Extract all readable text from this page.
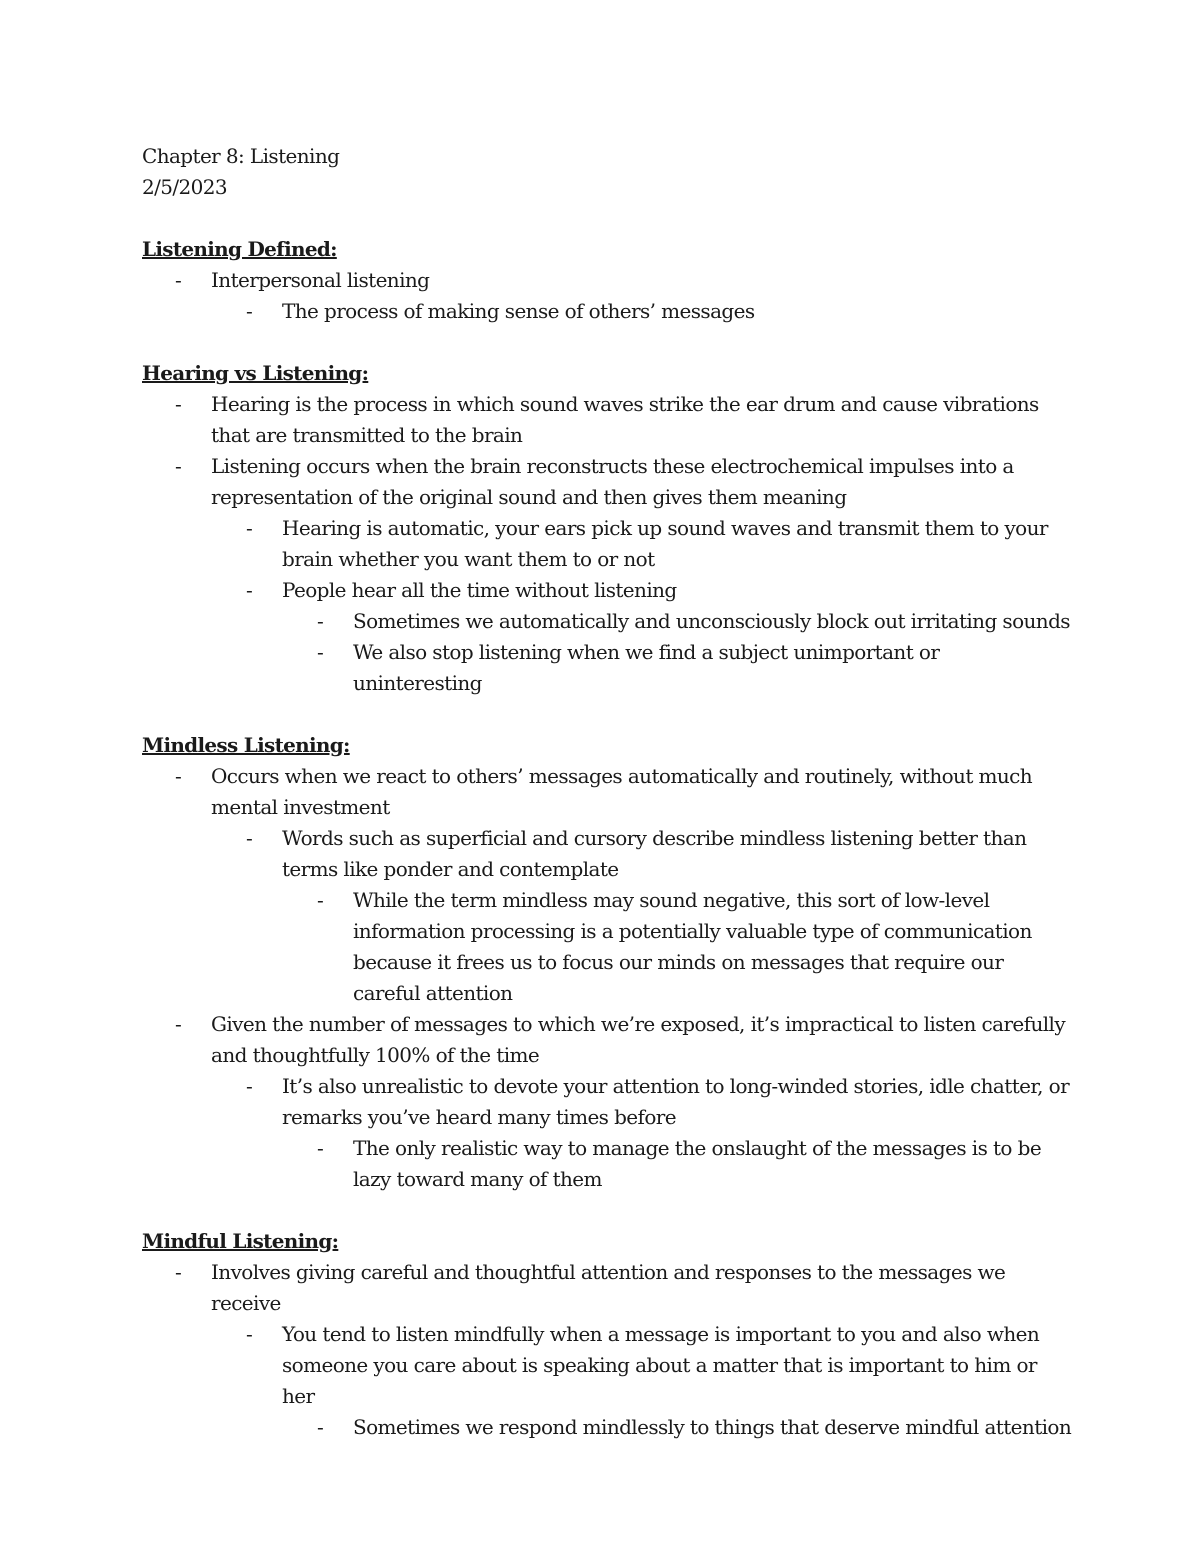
Chapter 8: Listening
2/5/2023
Listening Defined:
- Interpersonal listening
- The process of making sense of others’ messages
Hearing vs Listening:
- Hearing is the process in which sound waves strike the ear drum and cause vibrations that are transmitted to the brain
- Listening occurs when the brain reconstructs these electrochemical impulses into a representation of the original sound and then gives them meaning
- Hearing is automatic, your ears pick up sound waves and transmit them to your brain whether you want them to or not
- People hear all the time without listening
- Sometimes we automatically and unconsciously block out irritating sounds
- We also stop listening when we find a subject unimportant or uninteresting
Mindless Listening:
- Occurs when we react to others’ messages automatically and routinely, without much mental investment
- Words such as superficial and cursory describe mindless listening better than terms like ponder and contemplate
- While the term mindless may sound negative, this sort of low-level information processing is a potentially valuable type of communication because it frees us to focus our minds on messages that require our careful attention
- Given the number of messages to which we’re exposed, it’s impractical to listen carefully and thoughtfully 100% of the time
- It’s also unrealistic to devote your attention to long-winded stories, idle chatter, or remarks you’ve heard many times before
- The only realistic way to manage the onslaught of the messages is to be lazy toward many of them
Mindful Listening:
- Involves giving careful and thoughtful attention and responses to the messages we receive
- You tend to listen mindfully when a message is important to you and also when someone you care about is speaking about a matter that is important to him or her
- Sometimes we respond mindlessly to things that deserve mindful attention
